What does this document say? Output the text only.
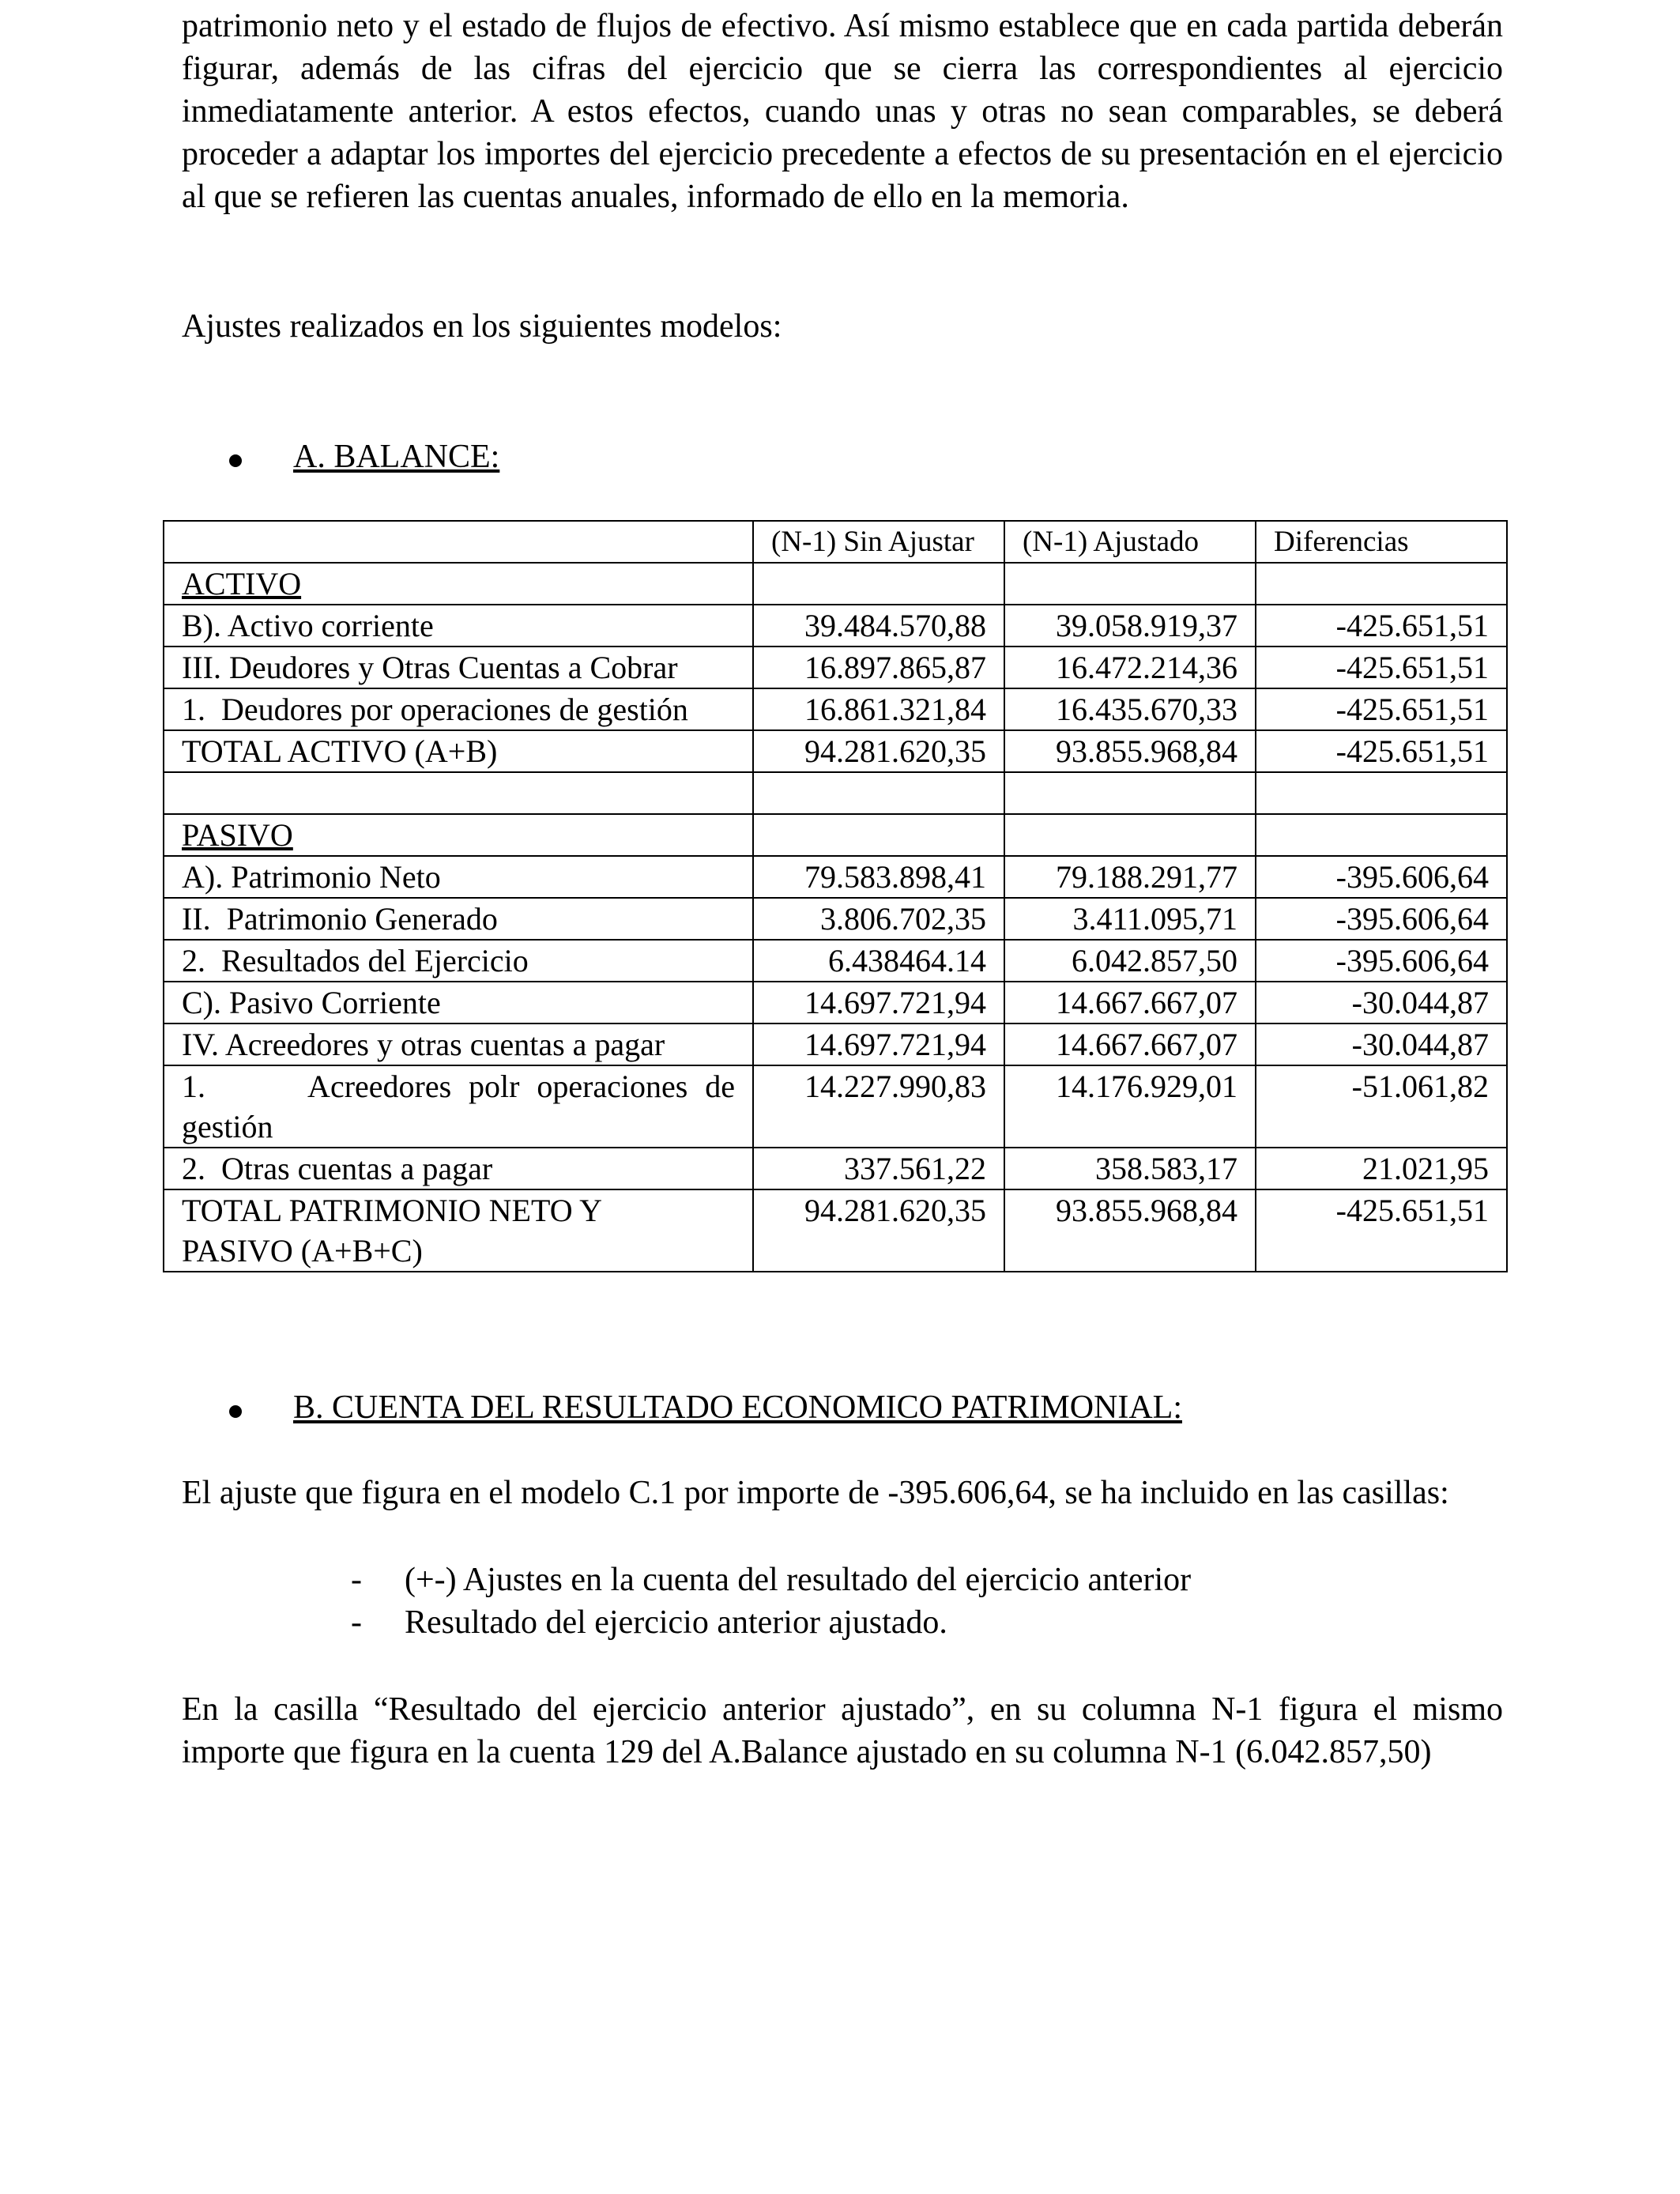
patrimonio neto y el estado de flujos de efectivo. Así mismo establece que en cada partida deberán figurar, además de las cifras del ejercicio que se cierra las correspondientes al ejercicio inmediatamente anterior. A estos efectos, cuando unas y otras no sean comparables, se deberá proceder a adaptar los importes del ejercicio precedente a efectos de su presentación en el ejercicio al que se refieren las cuentas anuales, informado de ello en la memoria.

Ajustes realizados en los siguientes modelos:

A. BALANCE:
	(N-1) Sin Ajustar	(N-1) Ajustado	Diferencias
ACTIVO			
B). Activo corriente	39.484.570,88	39.058.919,37	-425.651,51
III. Deudores y Otras Cuentas a Cobrar	16.897.865,87	16.472.214,36	-425.651,51
1.  Deudores por operaciones de gestión	16.861.321,84	16.435.670,33	-425.651,51
TOTAL ACTIVO (A+B)	94.281.620,35	93.855.968,84	-425.651,51

PASIVO			
A). Patrimonio Neto	79.583.898,41	79.188.291,77	-395.606,64
II.  Patrimonio Generado	3.806.702,35	3.411.095,71	-395.606,64
2.  Resultados del Ejercicio	6.438464.14	6.042.857,50	-395.606,64
C). Pasivo Corriente	14.697.721,94	14.667.667,07	-30.044,87
IV. Acreedores y otras cuentas a pagar	14.697.721,94	14.667.667,07	-30.044,87
1.      Acreedores polr operaciones de gestión	14.227.990,83	14.176.929,01	-51.061,82
2.  Otras cuentas a pagar	337.561,22	358.583,17	21.021,95
TOTAL PATRIMONIO NETO Y PASIVO (A+B+C)	94.281.620,35	93.855.968,84	-425.651,51
B. CUENTA DEL RESULTADO ECONOMICO PATRIMONIAL:

El ajuste que figura en el modelo C.1 por importe de -395.606,64, se ha incluido en las casillas:

- (+-) Ajustes en la cuenta del resultado del ejercicio anterior
- Resultado del ejercicio anterior ajustado.

En la casilla “Resultado del ejercicio anterior ajustado”, en su columna N-1 figura el mismo importe que figura en la cuenta 129 del A.Balance ajustado en su columna N-1 (6.042.857,50)
